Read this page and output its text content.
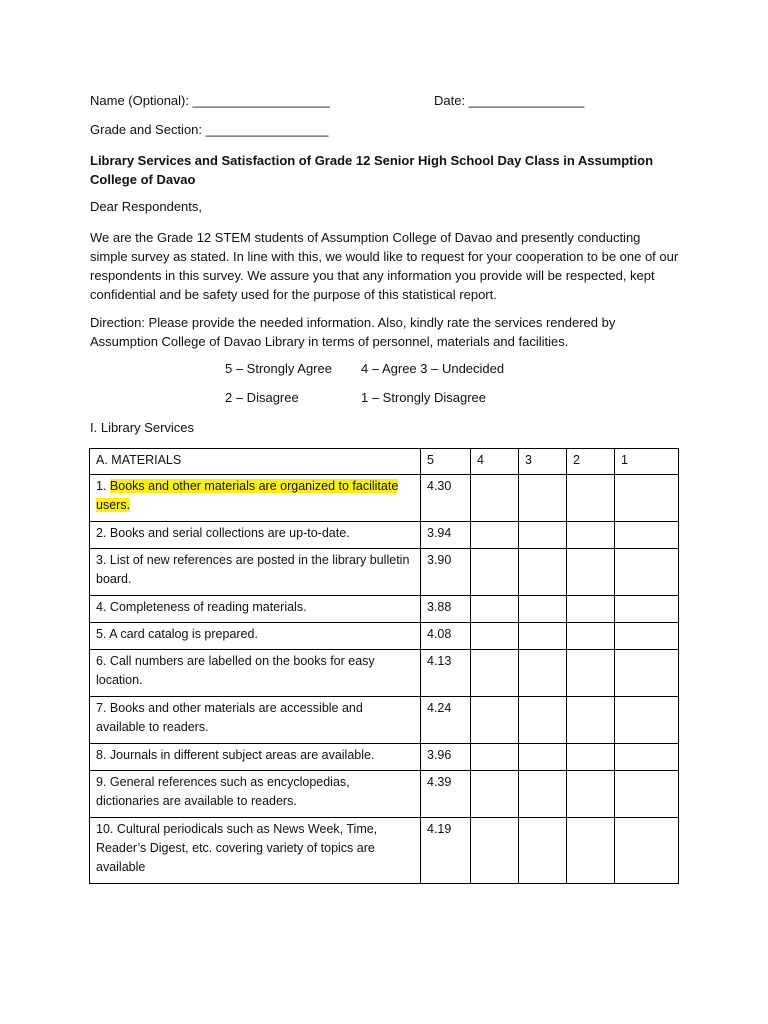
Name (Optional): ___________________	Date: ________________
Grade and Section: _________________
Library Services and Satisfaction of Grade 12 Senior High School Day Class in Assumption College of Davao
Dear Respondents,
We are the Grade 12 STEM students of Assumption College of Davao and presently conducting simple survey as stated. In line with this, we would like to request for your cooperation to be one of our respondents in this survey. We assure you that any information you provide will be respected, kept confidential and be safety used for the purpose of this statistical report.
Direction: Please provide the needed information. Also, kindly rate the services rendered by Assumption College of Davao Library in terms of personnel, materials and facilities.
5 – Strongly Agree 4 – Agree 3 – Undecided
2 – Disagree	1 – Strongly Disagree
I. Library Services
A. MATERIALS	5	4	3	2	1
1. Books and other materials are organized to facilitate users.	4.30				
2. Books and serial collections are up-to-date.	3.94				
3. List of new references are posted in the library bulletin board.	3.90				
4. Completeness of reading materials.	3.88				
5. A card catalog is prepared.	4.08				
6. Call numbers are labelled on the books for easy location.	4.13				
7. Books and other materials are accessible and available to readers.	4.24				
8. Journals in different subject areas are available.	3.96				
9. General references such as encyclopedias, dictionaries are available to readers.	4.39				
10. Cultural periodicals such as News Week, Time, Reader’s Digest, etc. covering variety of topics are available	4.19				
